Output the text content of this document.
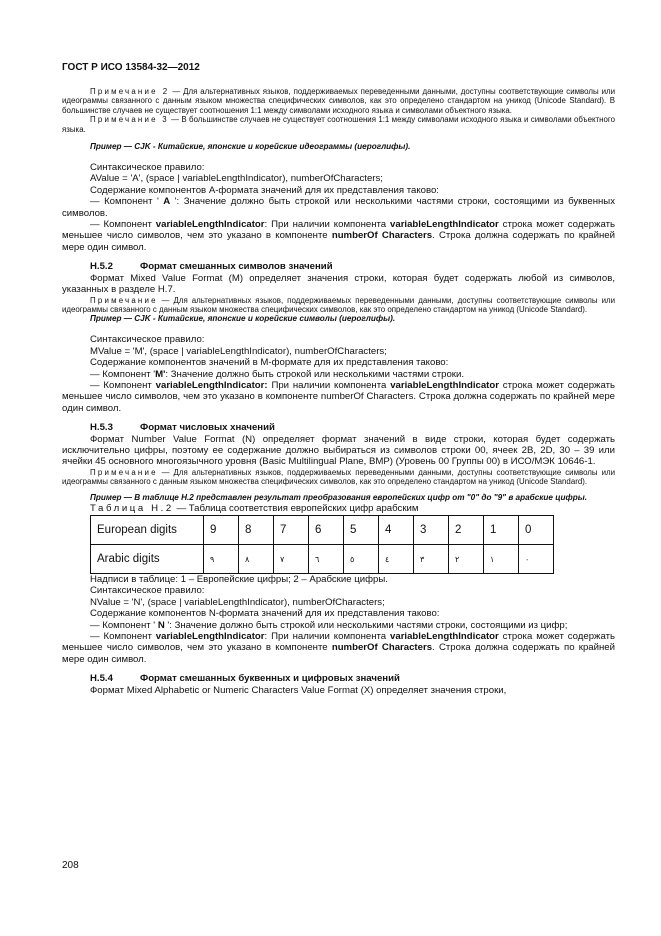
ГОСТ Р ИСО 13584-32—2012

Примечание 2 — Для альтернативных языков, поддерживаемых переведенными данными, доступны соответствующие символы или идеограммы связанного с данным языком множества специфических символов, как это определено стандартом на уникод (Unicode Standard). В большинстве случаев не существует соотношения 1:1 между символами исходного языка и символами объектного языка.

Примечание 3 — В большинстве случаев не существует соотношения 1:1 между символами исходного языка и символами объектного языка.

Пример — CJK - Китайские, японские и корейские идеограммы (иероглифы).

Синтаксическое правило:

AValue = 'A', (space | variableLengthIndicator), numberOfCharacters;

Содержание компонентов А-формата значений для их представления таково:

— Компонент ' A ': Значение должно быть строкой или несколькими частями строки, состоящими из буквенных символов.

— Компонент variableLengthIndicator: При наличии компонента variableLengthIndicator строка может содержать меньшее число символов, чем это указано в компоненте numberOf Characters. Строка должна содержать по крайней мере один символ.

H.5.2	Формат смешанных символов значений

Формат Mixed Value Format (M) определяет значения строки, которая будет содержать любой из символов, указанных в разделе Н.7.

Примечание — Для альтернативных языков, поддерживаемых переведенными данными, доступны соответствующие символы или идеограммы связанного с данным языком множества специфических символов, как это определено стандартом на уникод (Unicode Standard).

Пример — CJK - Китайские, японские и корейские символы (иероглифы).

Синтаксическое правило:

MValue = 'M', (space | variableLengthIndicator), numberOfCharacters;

Содержание компонентов значений в М-формате для их представления таково:

— Компонент 'M': Значение должно быть строкой или несколькими частями строки.

— Компонент variableLengthIndicator: При наличии компонента variableLengthIndicator строка может содержать меньшее число символов, чем это указано в компоненте numberOf Characters. Строка должна содержать по крайней мере один символ.

H.5.3	Формат числовых хначений

Формат Number Value Format (N) определяет формат значений в виде строки, которая будет содержать исключительно цифры, поэтому ее содержание должно выбираться из символов строки 00, ячеек 2В, 2D, 30 – 39 или ячейки 45 основного многоязычного уровня (Basic Multilingual Plane, BMP) (Уровень 00 Группы 00) в ИСО/МЭК 10646-1.

Примечание — Для альтернативных языков, поддерживаемых переведенными данными, доступны соответствующие символы или идеограммы связанного с данным языком множества специфических символов, как это определено стандартом на уникод (Unicode Standard).

Пример — В таблице Н.2 представлен результат преобразования европейских цифр от "0" до "9" в арабские цифры.

Таблица Н.2 — Таблица соответствия европейских цифр арабским

European digits	9	8	7	6	5	4	3	2	1	0
Arabic digits	٩	٨	٧	٦	٥	٤	٣	٢	١	٠

Надписи в таблице: 1 – Европейские цифры; 2 – Арабские цифры.

Синтаксическое правило:

NValue = 'N', (space | variableLengthIndicator), numberOfCharacters;

Содержание компонентов N-формата значений для их представления таково:

— Компонент ' N ': Значение должно быть строкой или несколькими частями строки, состоящими из цифр;

— Компонент variableLengthIndicator: При наличии компонента variableLengthIndicator строка может содержать меньшее число символов, чем это указано в компоненте numberOf Characters. Строка должна содержать по крайней мере один символ.

H.5.4	Формат смешанных буквенных и цифровых значений

Формат Mixed Alphabetic or Numeric Characters Value Format (X) определяет значения строки,

208
